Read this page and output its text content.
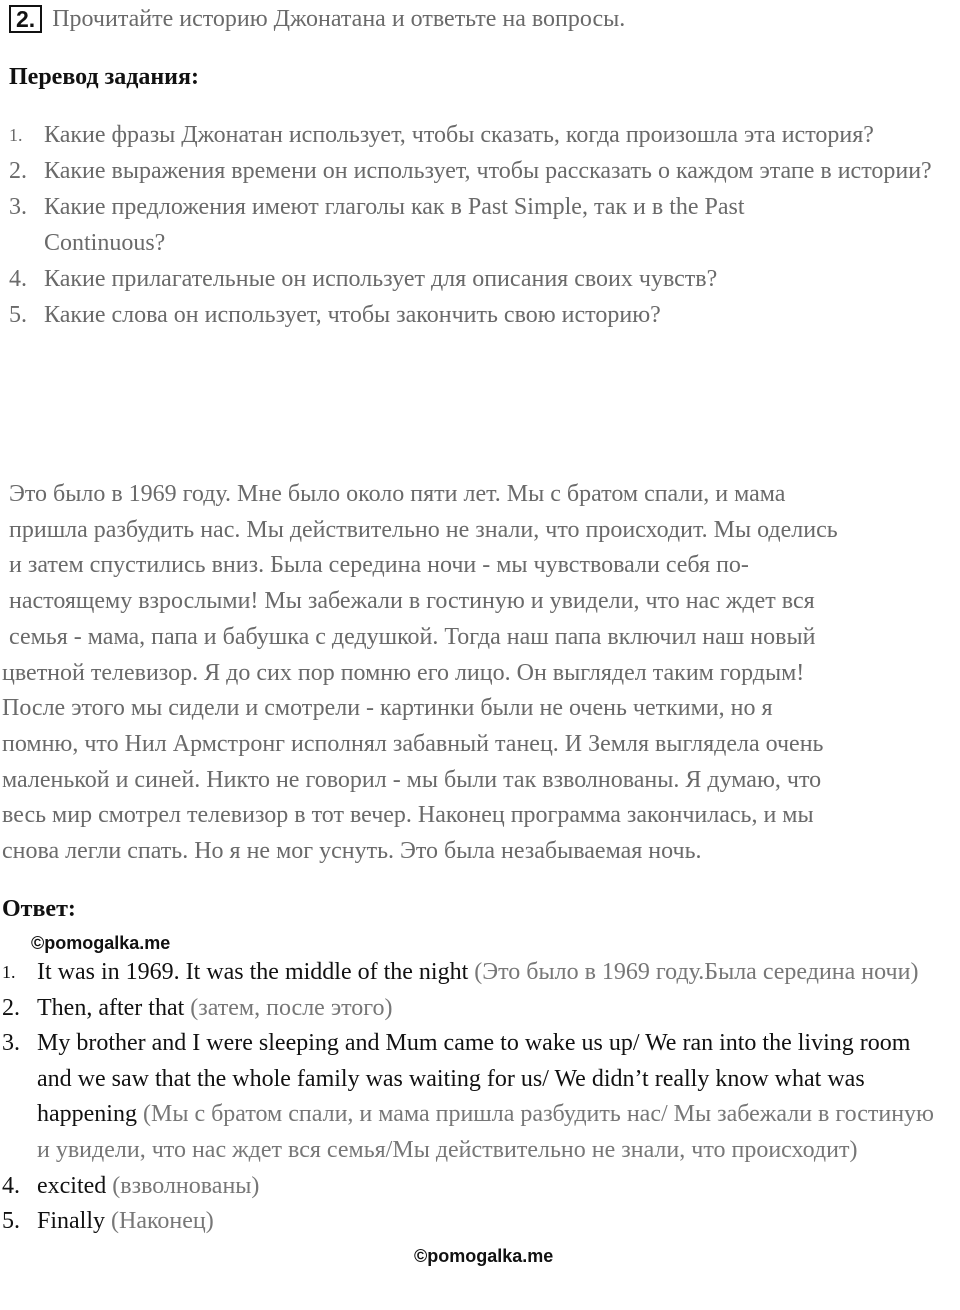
2. Прочитайте историю Джонатана и ответьте на вопросы.
Перевод задания:
1. Какие фразы Джонатан использует, чтобы сказать, когда произошла эта история?
2. Какие выражения времени он использует, чтобы рассказать о каждом этапе в истории?
3. Какие предложения имеют глаголы как в Past Simple, так и в the Past Continuous?
4. Какие прилагательные он использует для описания своих чувств?
5. Какие слова он использует, чтобы закончить свою историю?
Это было в 1969 году. Мне было около пяти лет. Мы с братом спали, и мама
пришла разбудить нас. Мы действительно не знали, что происходит. Мы оделись
и затем спустились вниз. Была середина ночи - мы чувствовали себя по-
настоящему взрослыми! Мы забежали в гостиную и увидели, что нас ждет вся
семья - мама, папа и бабушка с дедушкой. Тогда наш папа включил наш новый
цветной телевизор. Я до сих пор помню его лицо. Он выглядел таким гордым!
После этого мы сидели и смотрели - картинки были не очень четкими, но я
помню, что Нил Армстронг исполнял забавный танец. И Земля выглядела очень
маленькой и синей. Никто не говорил - мы были так взволнованы. Я думаю, что
весь мир смотрел телевизор в тот вечер. Наконец программа закончилась, и мы
снова легли спать. Но я не мог уснуть. Это была незабываемая ночь.
Ответ:
©pomogalka.me
1. It was in 1969. It was the middle of the night (Это было в 1969 году.Была середина ночи)
2. Then, after that (затем, после этого)
3. My brother and I were sleeping and Mum came to wake us up/ We ran into the living room and we saw that the whole family was waiting for us/ We didn’t really know what was happening (Мы с братом спали, и мама пришла разбудить нас/ Мы забежали в гостиную и увидели, что нас ждет вся семья/Мы действительно не знали, что происходит)
4. excited (взволнованы)
5. Finally (Наконец)
©pomogalka.me
